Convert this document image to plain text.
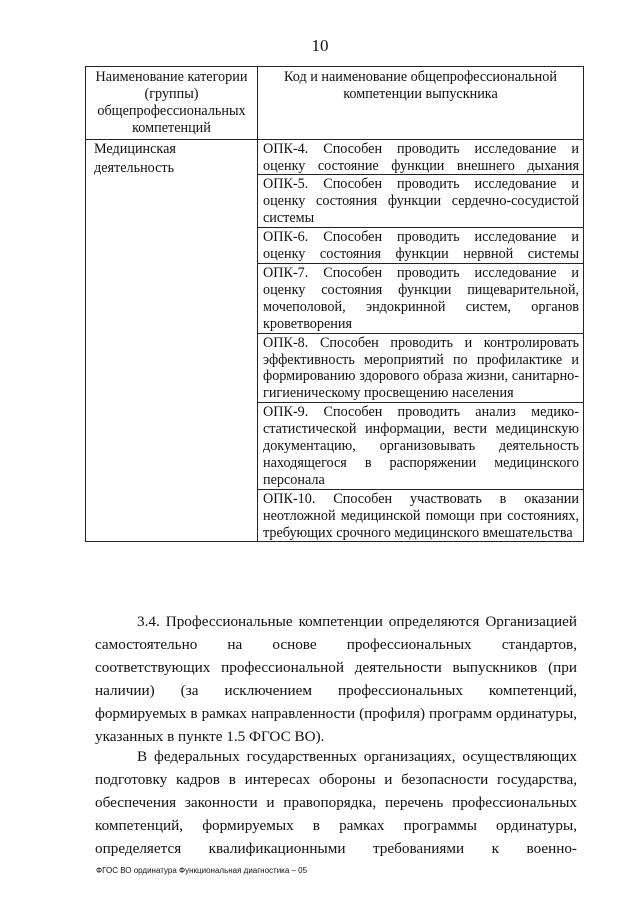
10
Наименование категории (группы) общепрофессиональных компетенций	Код и наименование общепрофессиональной компетенции выпускника
Медицинская деятельность	ОПК-4. Способен проводить исследование и оценку состояние функции внешнего дыхания
	ОПК-5. Способен проводить исследование и оценку состояния функции сердечно-сосудистой системы
	ОПК-6. Способен проводить исследование и оценку состояния функции нервной системы
	ОПК-7. Способен проводить исследование и оценку состояния функции пищеварительной, мочеполовой, эндокринной систем, органов кроветворения
	ОПК-8. Способен проводить и контролировать эффективность мероприятий по профилактике и формированию здорового образа жизни, санитарно-гигиеническому просвещению населения
	ОПК-9. Способен проводить анализ медико-статистической информации, вести медицинскую документацию, организовывать деятельность находящегося в распоряжении медицинского персонала
	ОПК-10. Способен участвовать в оказании неотложной медицинской помощи при состояниях, требующих срочного медицинского вмешательства

3.4. Профессиональные компетенции определяются Организацией самостоятельно на основе профессиональных стандартов, соответствующих профессиональной деятельности выпускников (при наличии) (за исключением профессиональных компетенций, формируемых в рамках направленности (профиля) программ ординатуры, указанных в пункте 1.5 ФГОС ВО).

В федеральных государственных организациях, осуществляющих подготовку кадров в интересах обороны и безопасности государства, обеспечения законности и правопорядка, перечень профессиональных компетенций, формируемых в рамках программы ординатуры, определяется квалификационными требованиями к военно-

ФГОС ВО ординатура Функциональная диагностика – 05
